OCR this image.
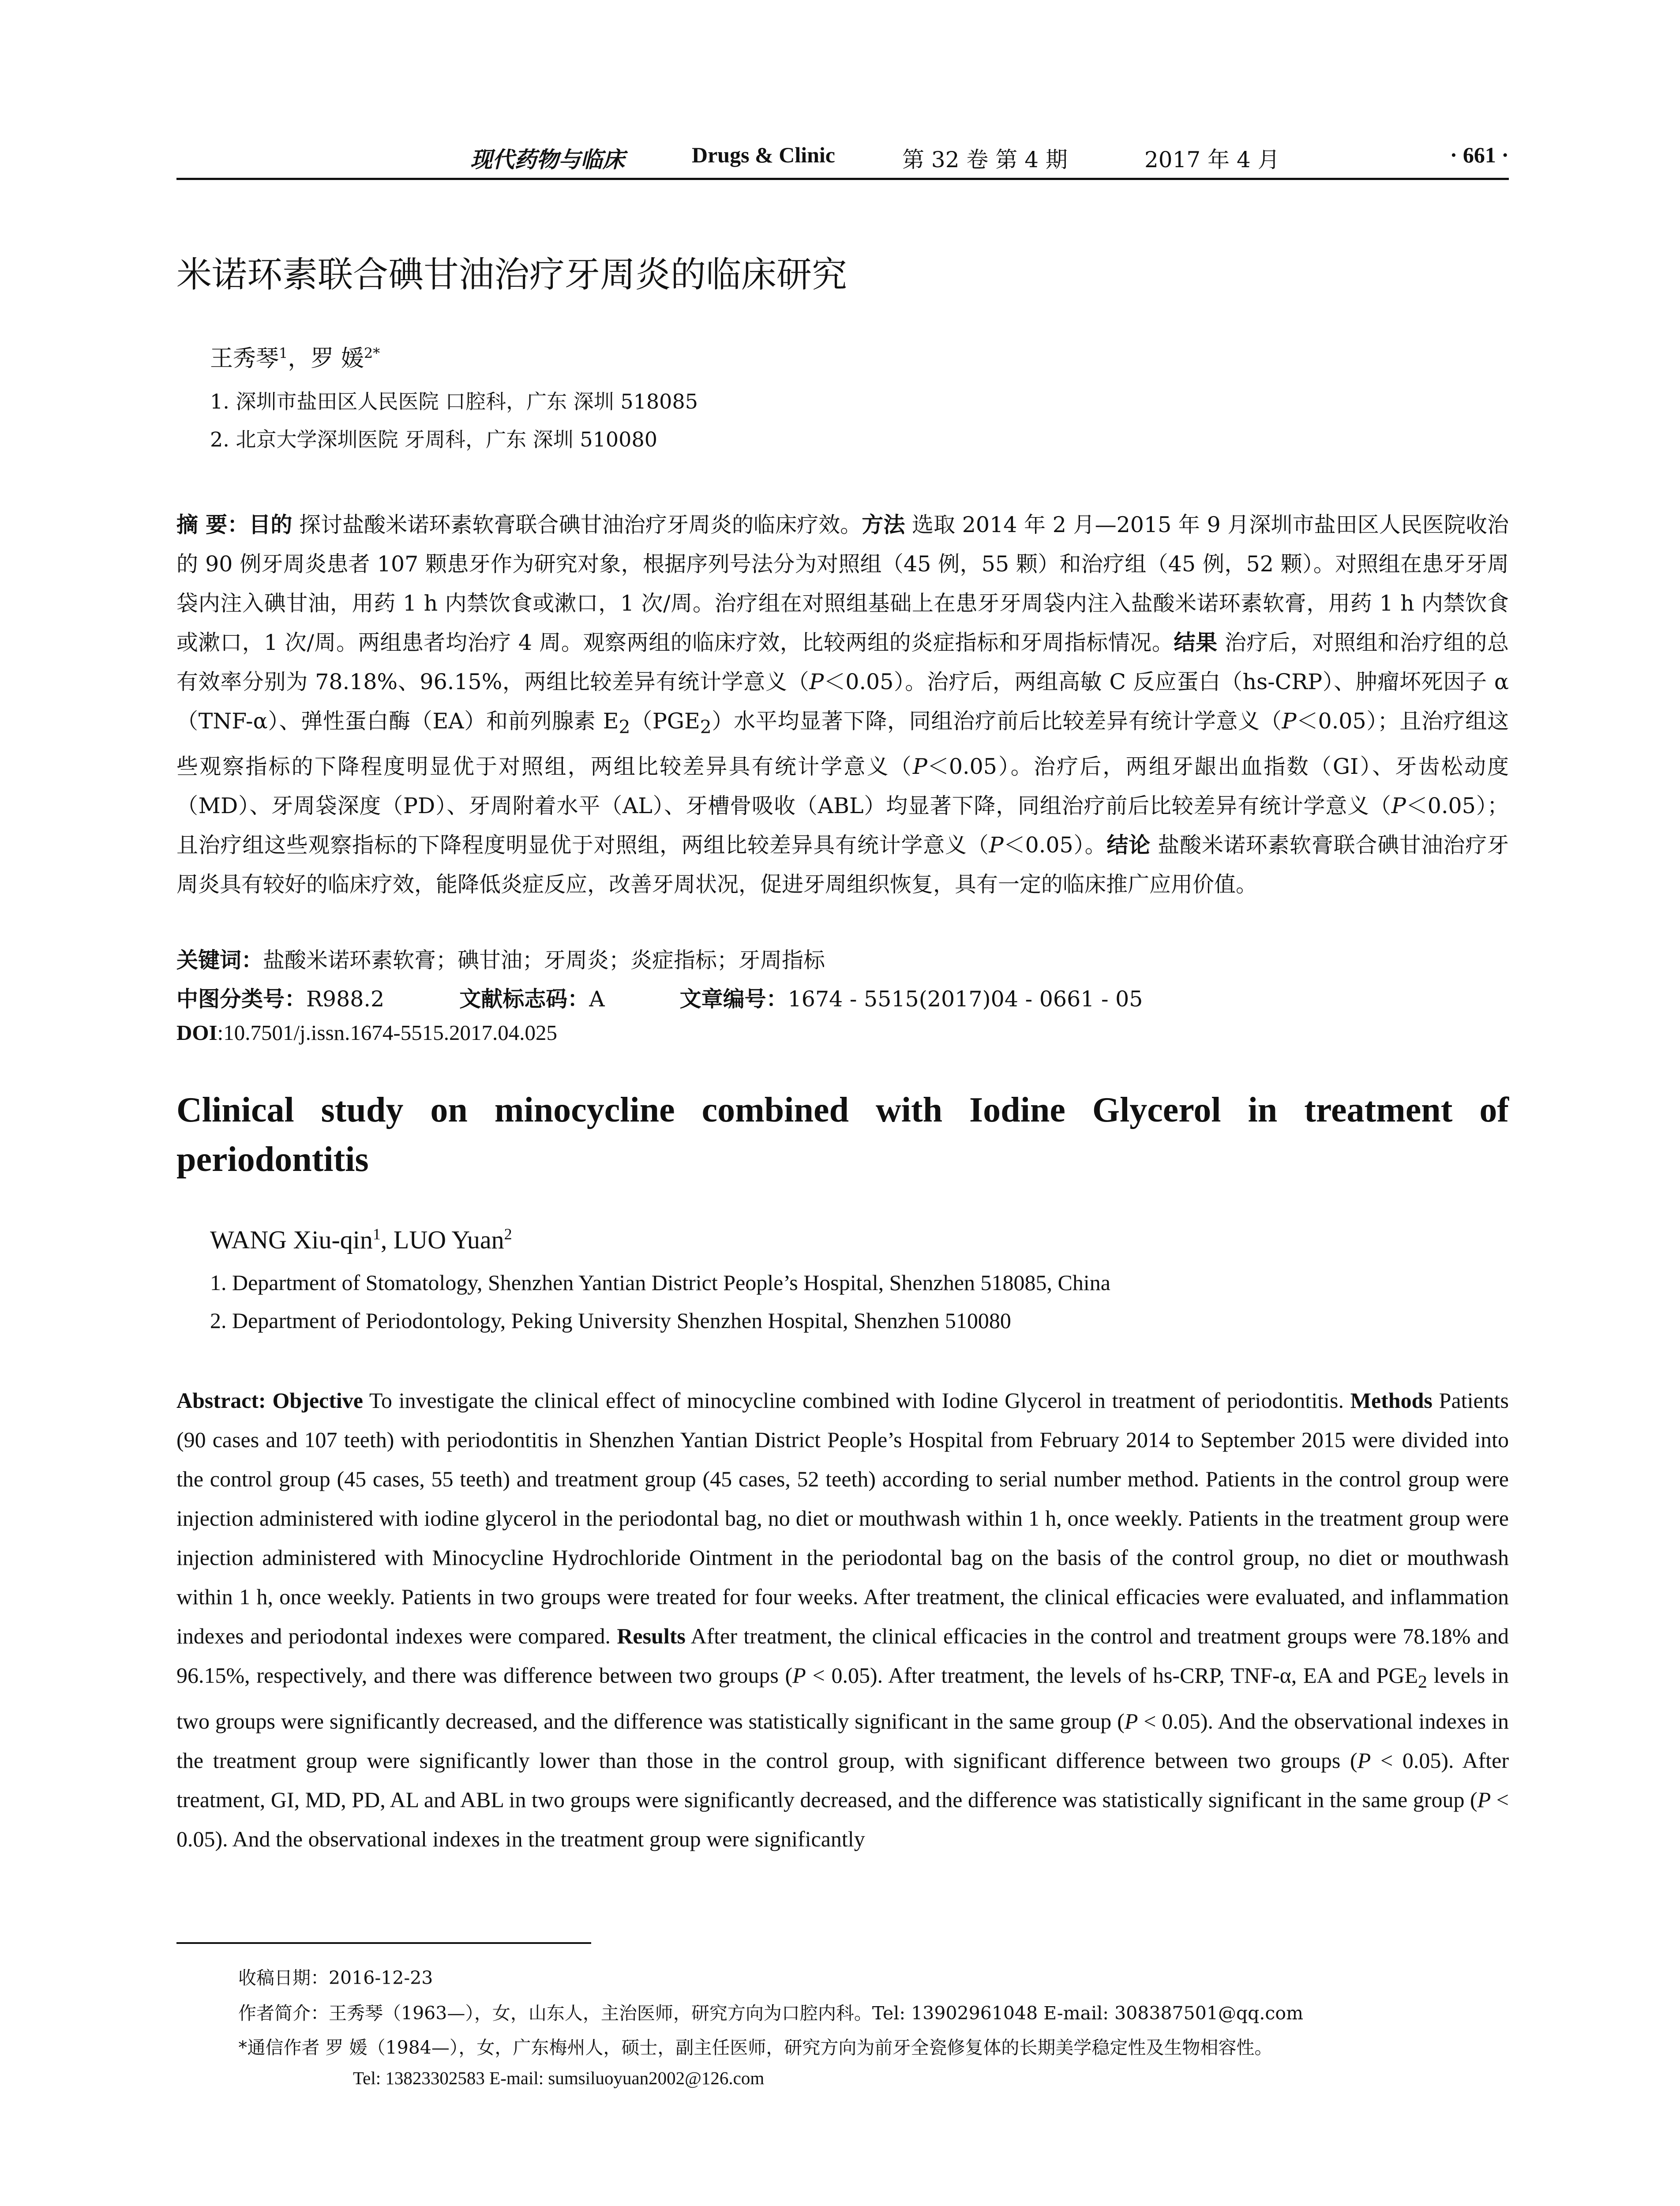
现代药物与临床	Drugs & Clinic	第 32 卷 第 4 期	2017 年 4 月	· 661 ·
米诺环素联合碘甘油治疗牙周炎的临床研究
王秀琴$^1$，罗 媛$^{2*}$
1. 深圳市盐田区人民医院 口腔科，广东 深圳 518085
2. 北京大学深圳医院 牙周科，广东 深圳 510080
摘 要：目的 探讨盐酸米诺环素软膏联合碘甘油治疗牙周炎的临床疗效。方法 选取 2014 年 2 月—2015 年 9 月深圳市盐田区人民医院收治的 90 例牙周炎患者 107 颗患牙作为研究对象，根据序列号法分为对照组（45 例，55 颗）和治疗组（45 例，52 颗）。对照组在患牙牙周袋内注入碘甘油，用药 1 h 内禁饮食或漱口，1 次/周。治疗组在对照组基础上在患牙牙周袋内注入盐酸米诺环素软膏，用药 1 h 内禁饮食或漱口，1 次/周。两组患者均治疗 4 周。观察两组的临床疗效，比较两组的炎症指标和牙周指标情况。结果 治疗后，对照组和治疗组的总有效率分别为 78.18%、96.15%，两组比较差异有统计学意义（P＜0.05）。治疗后，两组高敏 C 反应蛋白（hs-CRP）、肿瘤坏死因子 α（TNF-α）、弹性蛋白酶（EA）和前列腺素 $E_2(PGE_2)$水平均显著下降，同组治疗前后比较差异有统计学意义（P＜0.05）；且治疗组这些观察指标的下降程度明显优于对照组，两组比较差异具有统计学意义（P＜0.05）。治疗后，两组牙龈出血指数（GI）、牙齿松动度（MD）、牙周袋深度（PD）、牙周附着水平（AL）、牙槽骨吸收（ABL）均显著下降，同组治疗前后比较差异有统计学意义（P＜0.05）；且治疗组这些观察指标的下降程度明显优于对照组，两组比较差异具有统计学意义（P＜0.05）。结论 盐酸米诺环素软膏联合碘甘油治疗牙周炎具有较好的临床疗效，能降低炎症反应，改善牙周状况，促进牙周组织恢复，具有一定的临床推广应用价值。
关键词：盐酸米诺环素软膏；碘甘油；牙周炎；炎症指标；牙周指标
中图分类号：R988.2	文献标志码：A	文章编号：1674 - 5515(2017)04 - 0661 - 05
DOI:10.7501/j.issn.1674-5515.2017.04.025
Clinical study on minocycline combined with Iodine Glycerol in treatment of periodontitis
WANG Xiu-qin$^1$, LUO Yuan$^2$
1. Department of Stomatology, Shenzhen Yantian District People’s Hospital, Shenzhen 518085, China
2. Department of Periodontology, Peking University Shenzhen Hospital, Shenzhen 510080
Abstract: Objective To investigate the clinical effect of minocycline combined with Iodine Glycerol in treatment of periodontitis. Methods Patients (90 cases and 107 teeth) with periodontitis in Shenzhen Yantian District People’s Hospital from February 2014 to September 2015 were divided into the control group (45 cases, 55 teeth) and treatment group (45 cases, 52 teeth) according to serial number method. Patients in the control group were injection administered with iodine glycerol in the periodontal bag, no diet or mouthwash within 1 h, once weekly. Patients in the treatment group were injection administered with Minocycline Hydrochloride Ointment in the periodontal bag on the basis of the control group, no diet or mouthwash within 1 h, once weekly. Patients in two groups were treated for four weeks. After treatment, the clinical efficacies were evaluated, and inflammation indexes and periodontal indexes were compared. Results After treatment, the clinical efficacies in the control and treatment groups were 78.18% and 96.15%, respectively, and there was difference between two groups (P < 0.05). After treatment, the levels of hs-CRP, TNF-α, EA and $PGE_2$ levels in two groups were significantly decreased, and the difference was statistically significant in the same group (P < 0.05). And the observational indexes in the treatment group were significantly lower than those in the control group, with significant difference between two groups (P < 0.05). After treatment, GI, MD, PD, AL and ABL in two groups were significantly decreased, and the difference was statistically significant in the same group (P < 0.05). And the observational indexes in the treatment group were significantly
收稿日期：2016-12-23
作者简介：王秀琴（1963—），女，山东人，主治医师，研究方向为口腔内科。Tel: 13902961048 E-mail: 308387501@qq.com
*通信作者 罗 媛（1984—），女，广东梅州人，硕士，副主任医师，研究方向为前牙全瓷修复体的长期美学稳定性及生物相容性。
Tel: 13823302583 E-mail: sumsiluoyuan2002@126.com
